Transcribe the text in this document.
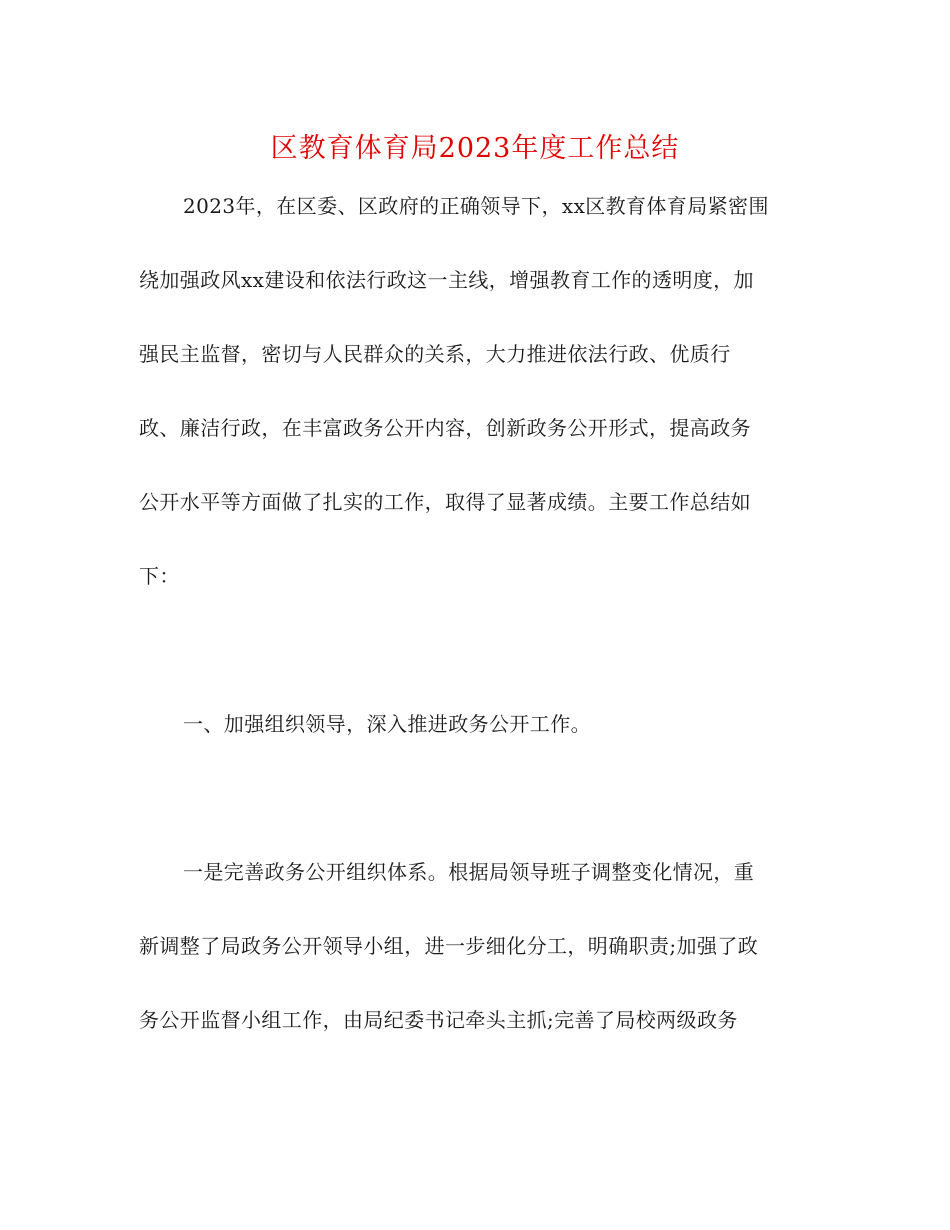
区教育体育局2023年度工作总结
2023年，在区委、区政府的正确领导下，xx区教育体育局紧密围
绕加强政风xx建设和依法行政这一主线，增强教育工作的透明度，加
强民主监督，密切与人民群众的关系，大力推进依法行政、优质行
政、廉洁行政，在丰富政务公开内容，创新政务公开形式，提高政务
公开水平等方面做了扎实的工作，取得了显著成绩。主要工作总结如
下：
一、加强组织领导，深入推进政务公开工作。
一是完善政务公开组织体系。根据局领导班子调整变化情况，重
新调整了局政务公开领导小组，进一步细化分工，明确职责;加强了政
务公开监督小组工作，由局纪委书记牵头主抓;完善了局校两级政务
